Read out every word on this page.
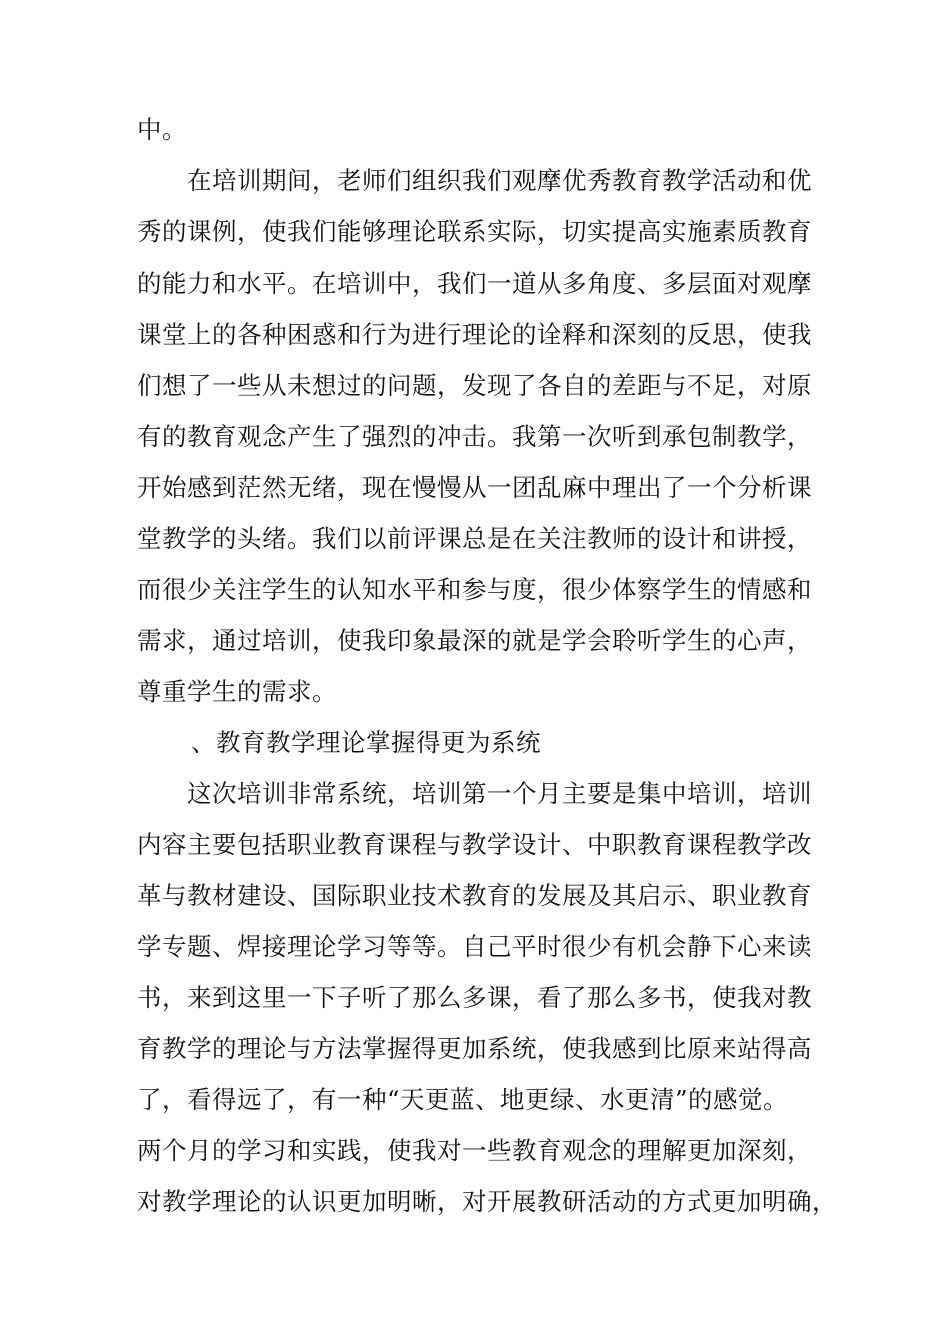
中。
在培训期间，老师们组织我们观摩优秀教育教学活动和优
秀的课例，使我们能够理论联系实际，切实提高实施素质教育
的能力和水平。在培训中，我们一道从多角度、多层面对观摩
课堂上的各种困惑和行为进行理论的诠释和深刻的反思，使我
们想了一些从未想过的问题，发现了各自的差距与不足，对原
有的教育观念产生了强烈的冲击。我第一次听到承包制教学，
开始感到茫然无绪，现在慢慢从一团乱麻中理出了一个分析课
堂教学的头绪。我们以前评课总是在关注教师的设计和讲授，
而很少关注学生的认知水平和参与度，很少体察学生的情感和
需求，通过培训，使我印象最深的就是学会聆听学生的心声，
尊重学生的需求。
、教育教学理论掌握得更为系统
这次培训非常系统，培训第一个月主要是集中培训，培训
内容主要包括职业教育课程与教学设计、中职教育课程教学改
革与教材建设、国际职业技术教育的发展及其启示、职业教育
学专题、焊接理论学习等等。自己平时很少有机会静下心来读
书，来到这里一下子听了那么多课，看了那么多书，使我对教
育教学的理论与方法掌握得更加系统，使我感到比原来站得高
了，看得远了，有一种“天更蓝、地更绿、水更清”的感觉。
两个月的学习和实践，使我对一些教育观念的理解更加深刻，
对教学理论的认识更加明晰，对开展教研活动的方式更加明确，
